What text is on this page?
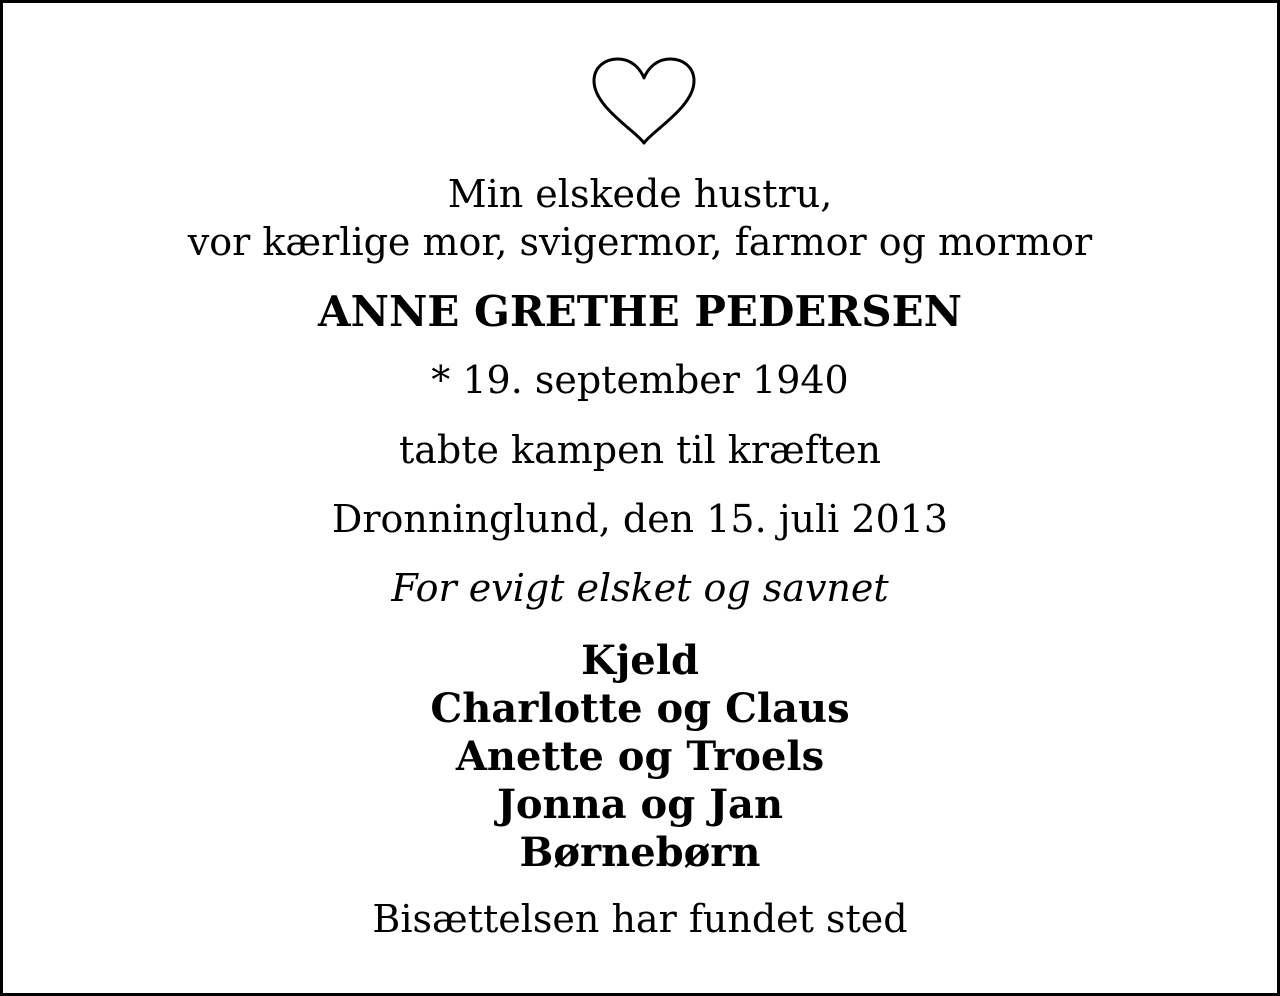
Min elskede hustru,
vor kærlige mor, svigermor, farmor og mormor
ANNE GRETHE PEDERSEN
* 19. september 1940
tabte kampen til kræften
Dronninglund, den 15. juli 2013
For evigt elsket og savnet
Kjeld
Charlotte og Claus
Anette og Troels
Jonna og Jan
Børnebørn
Bisættelsen har fundet sted
